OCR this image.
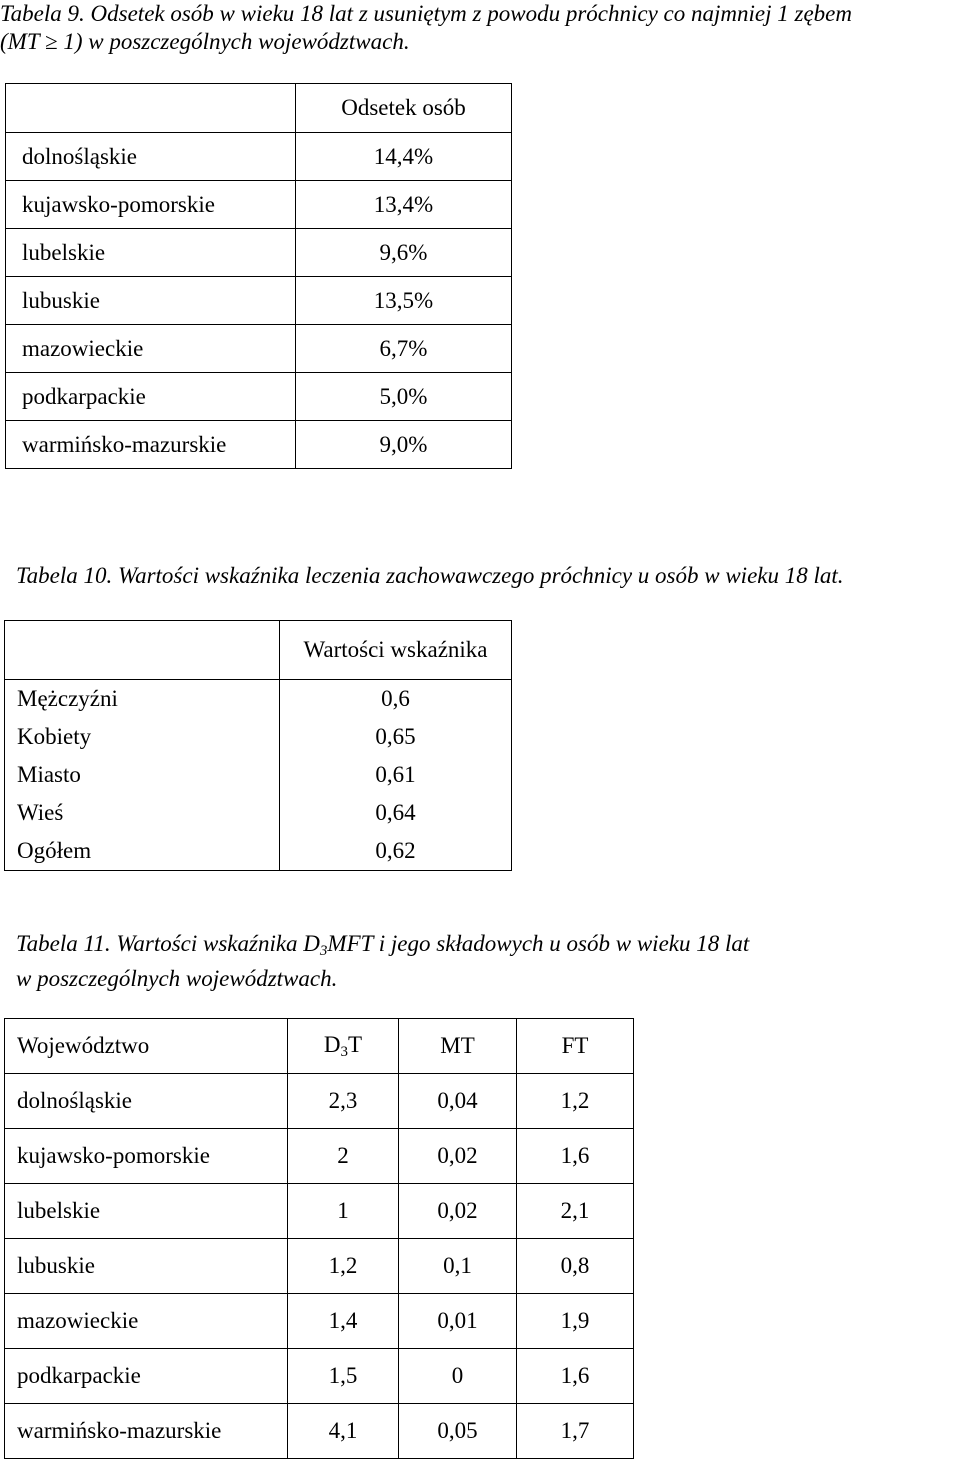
Tabela 9. Odsetek osób w wieku 18 lat z usuniętym z powodu próchnicy co najmniej 1 zębem
(MT ≥ 1) w poszczególnych województwach.
	Odsetek osób
dolnośląskie	14,4%
kujawsko-pomorskie	13,4%
lubelskie	9,6%
lubuskie	13,5%
mazowieckie	6,7%
podkarpackie	5,0%
warmińsko-mazurskie	9,0%
Tabela 10. Wartości wskaźnika leczenia zachowawczego próchnicy u osób w wieku 18 lat.
	Wartości wskaźnika
Mężczyźni	0,6
Kobiety	0,65
Miasto	0,61
Wieś	0,64
Ogółem	0,62
Tabela 11. Wartości wskaźnika $D_3MFT$ i jego składowych u osób w wieku 18 lat
w poszczególnych województwach.
Województwo	$D_3T$	MT	FT
dolnośląskie	2,3	0,04	1,2
kujawsko-pomorskie	2	0,02	1,6
lubelskie	1	0,02	2,1
lubuskie	1,2	0,1	0,8
mazowieckie	1,4	0,01	1,9
podkarpackie	1,5	0	1,6
warmińsko-mazurskie	4,1	0,05	1,7
